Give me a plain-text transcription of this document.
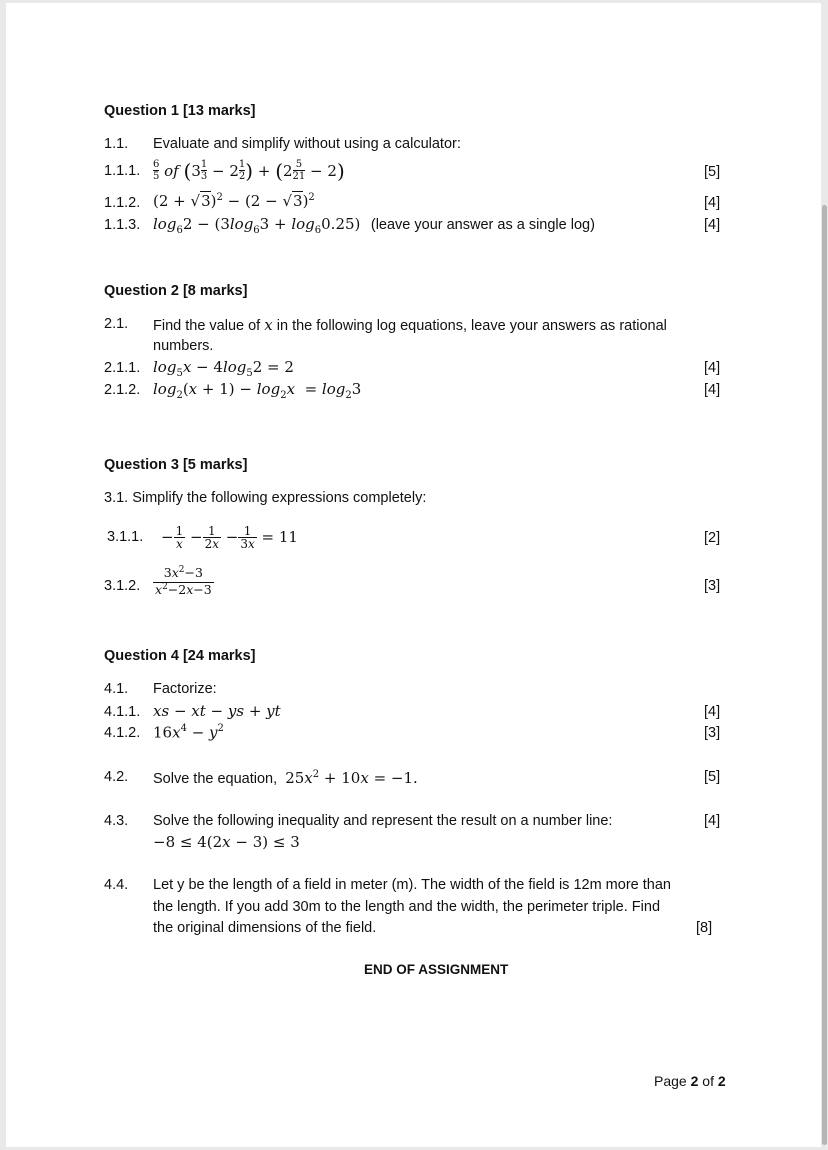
Question 1 [13 marks]
1.1. Evaluate and simplify without using a calculator:
1.1.1. $\frac{6}{5}$ of ( $3 \frac{1}{3} - 2 \frac{1}{2}$ ) + ( $2 \frac{5}{21} - 2$ )	[5]
1.1.2. $(2 + √3)^2 - (2 - √3)^2$	[4]
1.1.3. $\log_62 - (3\log_63 + \log_60.25)$ (leave your answer as a single log)	[4]
Question 2 [8 marks]
2.1. Find the value of x in the following log equations, leave your answers as rational
numbers.
2.1.1. $\log_5x - 4\log_52 = 2$	[4]
2.1.2. $\log_2(x + 1) - \log_2x = \log_23$	[4]
Question 3 [5 marks]
3.1. Simplify the following expressions completely:
3.1.1. − $\frac{1}{x} - \frac{1}{2x} - \frac{1}{3x} = 11$	[2]
3.1.2. $\frac{3x^2-3}{x^2-2x-3}$	[3]
Question 4 [24 marks]
4.1. Factorize:
4.1.1. xs − xt − ys + yt	[4]
4.1.2. $16x^4 - y^2$	[3]
4.2. Solve the equation, $25x^2 + 10x = -1$.	[5]
4.3. Solve the following inequality and represent the result on a number line:	[4]
−8 ≤ 4(2x − 3) ≤ 3
4.4. Let y be the length of a field in meter (m). The width of the field is 12m more than
the length. If you add 30m to the length and the width, the perimeter triple. Find
the original dimensions of the field.	[8]
END OF ASSIGNMENT
Page 2 of 2
